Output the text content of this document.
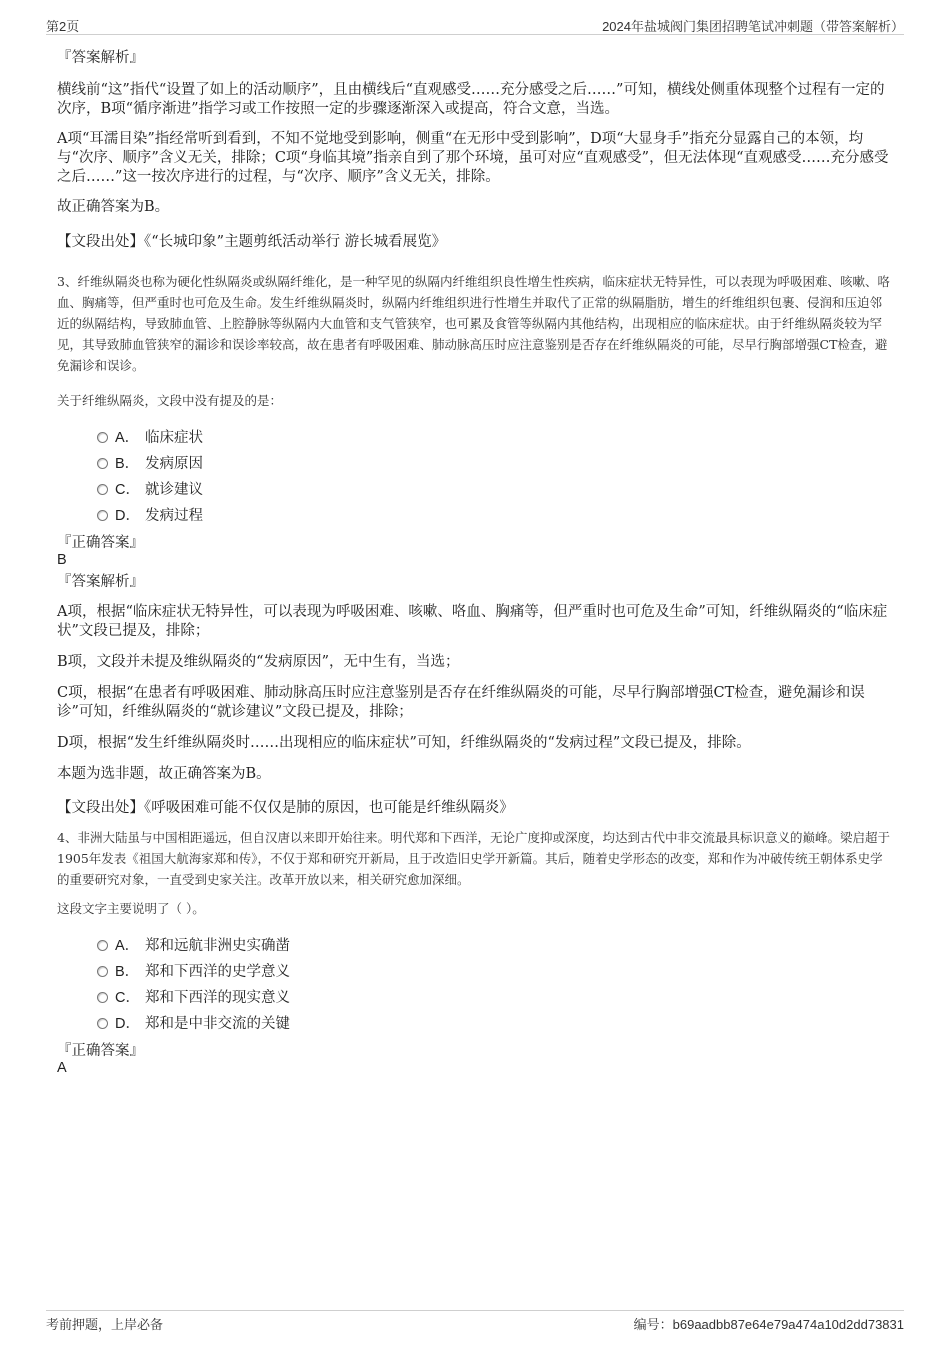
第2页	2024年盐城阀门集团招聘笔试冲刺题（带答案解析）

『答案解析』

横线前“这”指代“设置了如上的活动顺序”，且由横线后“直观感受……充分感受之后……”可知，横线处侧重体现整个过程有一定的次序，B项“循序渐进”指学习或工作按照一定的步骤逐渐深入或提高，符合文意，当选。

A项“耳濡目染”指经常听到看到，不知不觉地受到影响，侧重“在无形中受到影响”，D项“大显身手”指充分显露自己的本领，均与“次序、顺序”含义无关，排除；C项“身临其境”指亲自到了那个环境，虽可对应“直观感受”，但无法体现“直观感受……充分感受之后……”这一按次序进行的过程，与“次序、顺序”含义无关，排除。

故正确答案为B。

【文段出处】《“长城印象”主题剪纸活动举行 游长城看展览》

3、纤维纵隔炎也称为硬化性纵隔炎或纵隔纤维化，是一种罕见的纵隔内纤维组织良性增生性疾病，临床症状无特异性，可以表现为呼吸困难、咳嗽、咯血、胸痛等，但严重时也可危及生命。发生纤维纵隔炎时，纵隔内纤维组织进行性增生并取代了正常的纵隔脂肪，增生的纤维组织包裹、侵润和压迫邻近的纵隔结构，导致肺血管、上腔静脉等纵隔内大血管和支气管狭窄，也可累及食管等纵隔内其他结构，出现相应的临床症状。由于纤维纵隔炎较为罕见，其导致肺血管狭窄的漏诊和误诊率较高，故在患者有呼吸困难、肺动脉高压时应注意鉴别是否存在纤维纵隔炎的可能，尽早行胸部增强CT检查，避免漏诊和误诊。

关于纤维纵隔炎，文段中没有提及的是：

A． 临床症状
B． 发病原因
C． 就诊建议
D． 发病过程

『正确答案』

B

『答案解析』

A项，根据“临床症状无特异性，可以表现为呼吸困难、咳嗽、咯血、胸痛等，但严重时也可危及生命”可知，纤维纵隔炎的“临床症状”文段已提及，排除；

B项，文段并未提及维纵隔炎的“发病原因”，无中生有，当选；

C项，根据“在患者有呼吸困难、肺动脉高压时应注意鉴别是否存在纤维纵隔炎的可能，尽早行胸部增强CT检查，避免漏诊和误诊”可知，纤维纵隔炎的“就诊建议”文段已提及，排除；

D项，根据“发生纤维纵隔炎时……出现相应的临床症状”可知，纤维纵隔炎的“发病过程”文段已提及，排除。

本题为选非题，故正确答案为B。

【文段出处】《呼吸困难可能不仅仅是肺的原因，也可能是纤维纵隔炎》

4、非洲大陆虽与中国相距遥远，但自汉唐以来即开始往来。明代郑和下西洋，无论广度抑或深度，均达到古代中非交流最具标识意义的巅峰。梁启超于1905年发表《祖国大航海家郑和传》，不仅于郑和研究开新局，且于改造旧史学开新篇。其后，随着史学形态的改变，郑和作为冲破传统王朝体系史学的重要研究对象，一直受到史家关注。改革开放以来，相关研究愈加深细。

这段文字主要说明了（ ）。

A． 郑和远航非洲史实确凿
B． 郑和下西洋的史学意义
C． 郑和下西洋的现实意义
D． 郑和是中非交流的关键

『正确答案』

A

考前押题，上岸必备	编号：b69aadbb87e64e79a474a10d2dd73831
